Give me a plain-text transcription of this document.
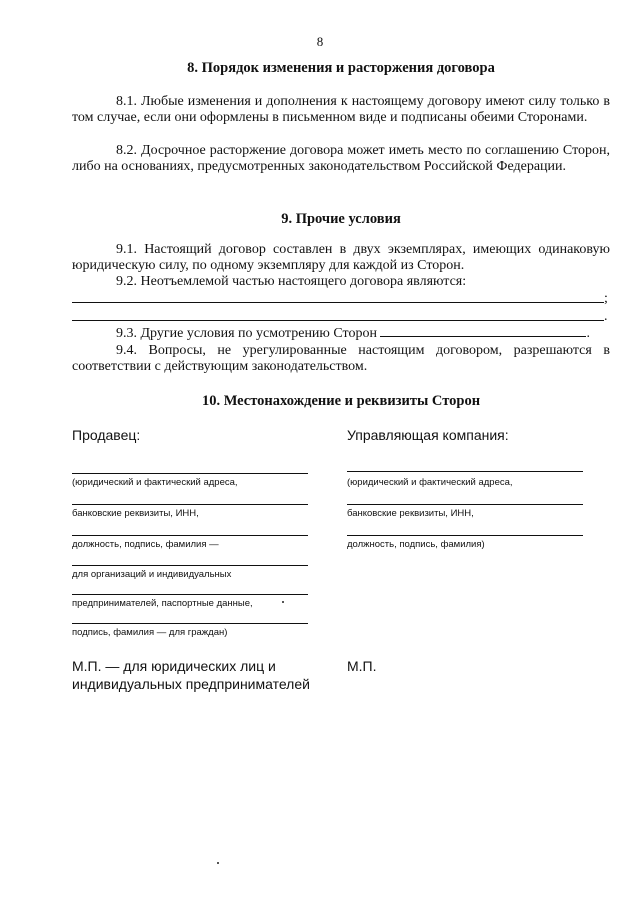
8
8. Порядок изменения и расторжения договора
8.1. Любые изменения и дополнения к настоящему договору имеют силу только в том случае, если они оформлены в письменном виде и подписаны обеими Сторонами.
8.2. Досрочное расторжение договора может иметь место по соглашению Сторон, либо на основаниях, предусмотренных законодательством Российской Федерации.
9. Прочие условия
9.1. Настоящий договор составлен в двух экземплярах, имеющих одинаковую юридическую силу, по одному экземпляру для каждой из Сторон.
9.2. Неотъемлемой частью настоящего договора являются:
;
.
9.3. Другие условия по усмотрению Сторон	.
9.4. Вопросы, не урегулированные настоящим договором, разрешаются в соответствии с действующим законодательством.
10. Местонахождение и реквизиты Сторон
Продавец:	Управляющая компания:
(юридический и фактический адреса,
банковские реквизиты, ИНН,
должность, подпись, фамилия —
для организаций и индивидуальных
предпринимателей, паспортные данные,
подпись, фамилия — для граждан)
(юридический и фактический адреса,
банковские реквизиты, ИНН,
должность, подпись, фамилия)
М.П. — для юридических лиц и
индивидуальных предпринимателей
М.П.
